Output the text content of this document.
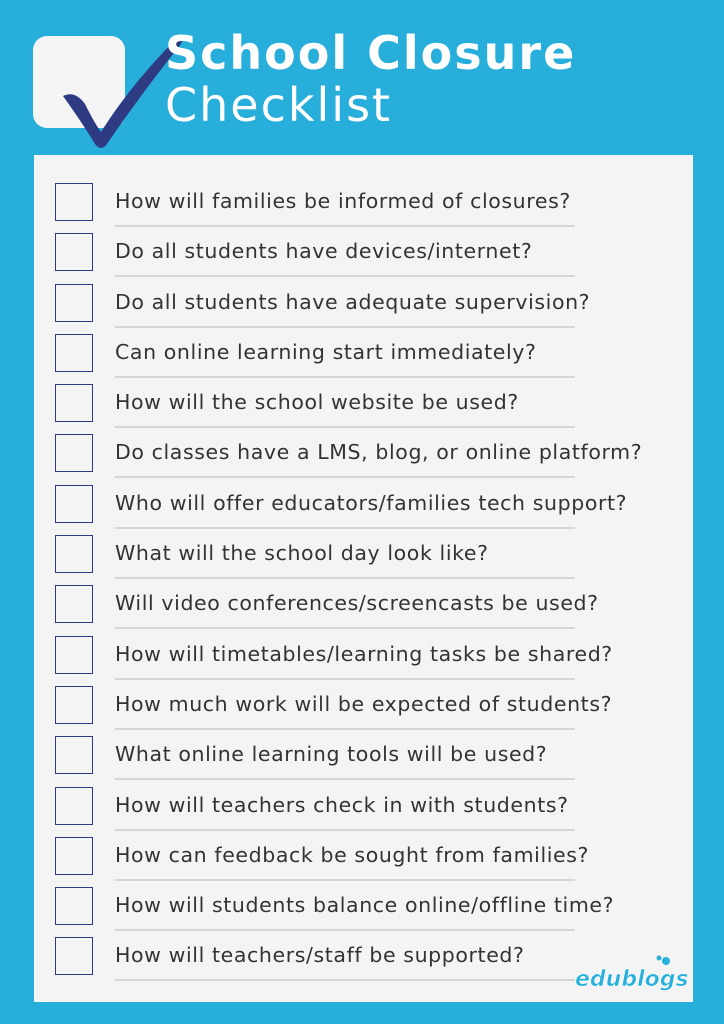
School Closure
Checklist
How will families be informed of closures?
Do all students have devices/internet?
Do all students have adequate supervision?
Can online learning start immediately?
How will the school website be used?
Do classes have a LMS, blog, or online platform?
Who will offer educators/families tech support?
What will the school day look like?
Will video conferences/screencasts be used?
How will timetables/learning tasks be shared?
How much work will be expected of students?
What online learning tools will be used?
How will teachers check in with students?
How can feedback be sought from families?
How will students balance online/offline time?
How will teachers/staff be supported?
edublogs
